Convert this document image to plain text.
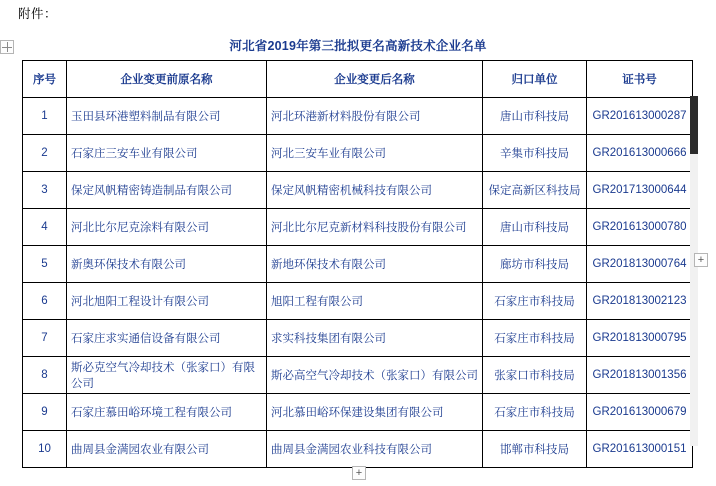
附件：
河北省2019年第三批拟更名高新技术企业名单
序号	企业变更前原名称	企业变更后名称	归口单位	证书号
1	玉田县环港塑料制品有限公司	河北环港新材料股份有限公司	唐山市科技局	GR201613000287
2	石家庄三安车业有限公司	河北三安车业有限公司	辛集市科技局	GR201613000666
3	保定风帆精密铸造制品有限公司	保定风帆精密机械科技有限公司	保定高新区科技局	GR201713000644
4	河北比尔尼克涂料有限公司	河北比尔尼克新材料科技股份有限公司	唐山市科技局	GR201613000780
5	新奥环保技术有限公司	新地环保技术有限公司	廊坊市科技局	GR201813000764
6	河北旭阳工程设计有限公司	旭阳工程有限公司	石家庄市科技局	GR201813002123
7	石家庄求实通信设备有限公司	求实科技集团有限公司	石家庄市科技局	GR201813000795
8	斯必克空气冷却技术（张家口）有限公司	斯必高空气冷却技术（张家口）有限公司	张家口市科技局	GR201813001356
9	石家庄慕田峪环境工程有限公司	河北慕田峪环保建设集团有限公司	石家庄市科技局	GR201613000679
10	曲周县金满园农业有限公司	曲周县金满园农业科技有限公司	邯郸市科技局	GR201613000151
+
+
